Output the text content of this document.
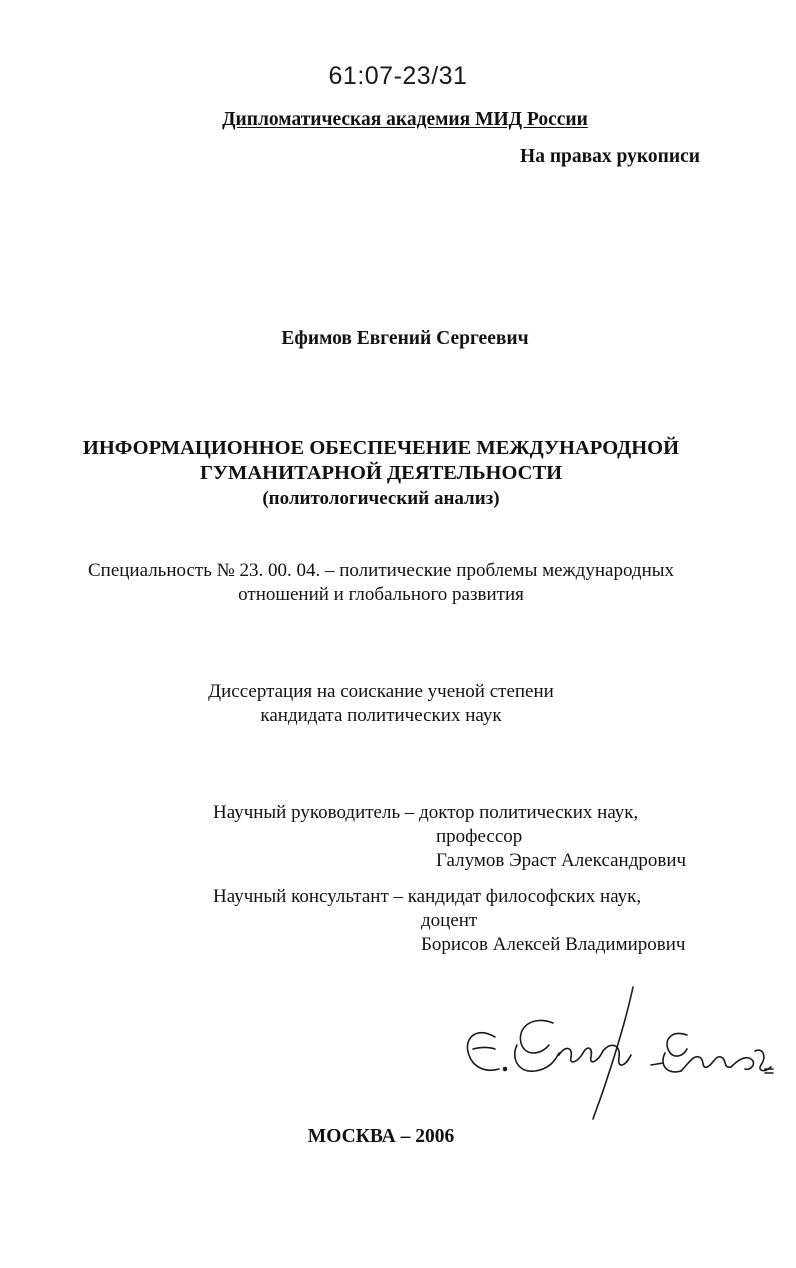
61:07-23/31
Дипломатическая академия МИД России
На правах рукописи
Ефимов Евгений Сергеевич
ИНФОРМАЦИОННОЕ ОБЕСПЕЧЕНИЕ МЕЖДУНАРОДНОЙ
ГУМАНИТАРНОЙ ДЕЯТЕЛЬНОСТИ
(политологический анализ)
Специальность № 23. 00. 04. – политические проблемы международных
отношений и глобального развития
Диссертация на соискание ученой степени
кандидата политических наук
Научный руководитель – доктор политических наук,
профессор
Галумов Эраст Александрович
Научный консультант – кандидат философских наук,
доцент
Борисов Алексей Владимирович
МОСКВА – 2006
